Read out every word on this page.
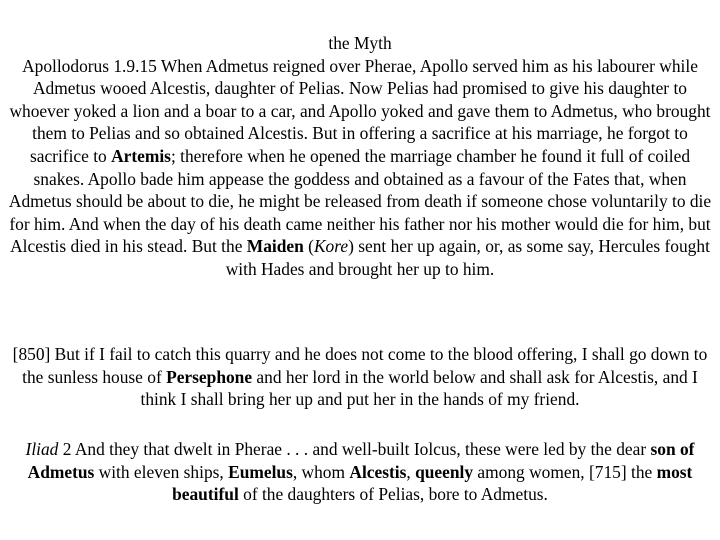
the Myth
Apollodorus 1.9.15 When Admetus reigned over Pherae, Apollo served him as his labourer while Admetus wooed Alcestis, daughter of Pelias. Now Pelias had promised to give his daughter to whoever yoked a lion and a boar to a car, and Apollo yoked and gave them to Admetus, who brought them to Pelias and so obtained Alcestis. But in offering a sacrifice at his marriage, he forgot to sacrifice to Artemis; therefore when he opened the marriage chamber he found it full of coiled snakes. Apollo bade him appease the goddess and obtained as a favour of the Fates that, when Admetus should be about to die, he might be released from death if someone chose voluntarily to die for him. And when the day of his death came neither his father nor his mother would die for him, but Alcestis died in his stead. But the Maiden (Kore) sent her up again, or, as some say, Hercules fought with Hades and brought her up to him.

[850] But if I fail to catch this quarry and he does not come to the blood offering, I shall go down to the sunless house of Persephone and her lord in the world below and shall ask for Alcestis, and I think I shall bring her up and put her in the hands of my friend.

Iliad 2 And they that dwelt in Pherae . . . and well-built Iolcus, these were led by the dear son of Admetus with eleven ships, Eumelus, whom Alcestis, queenly among women, [715] the most beautiful of the daughters of Pelias, bore to Admetus.
